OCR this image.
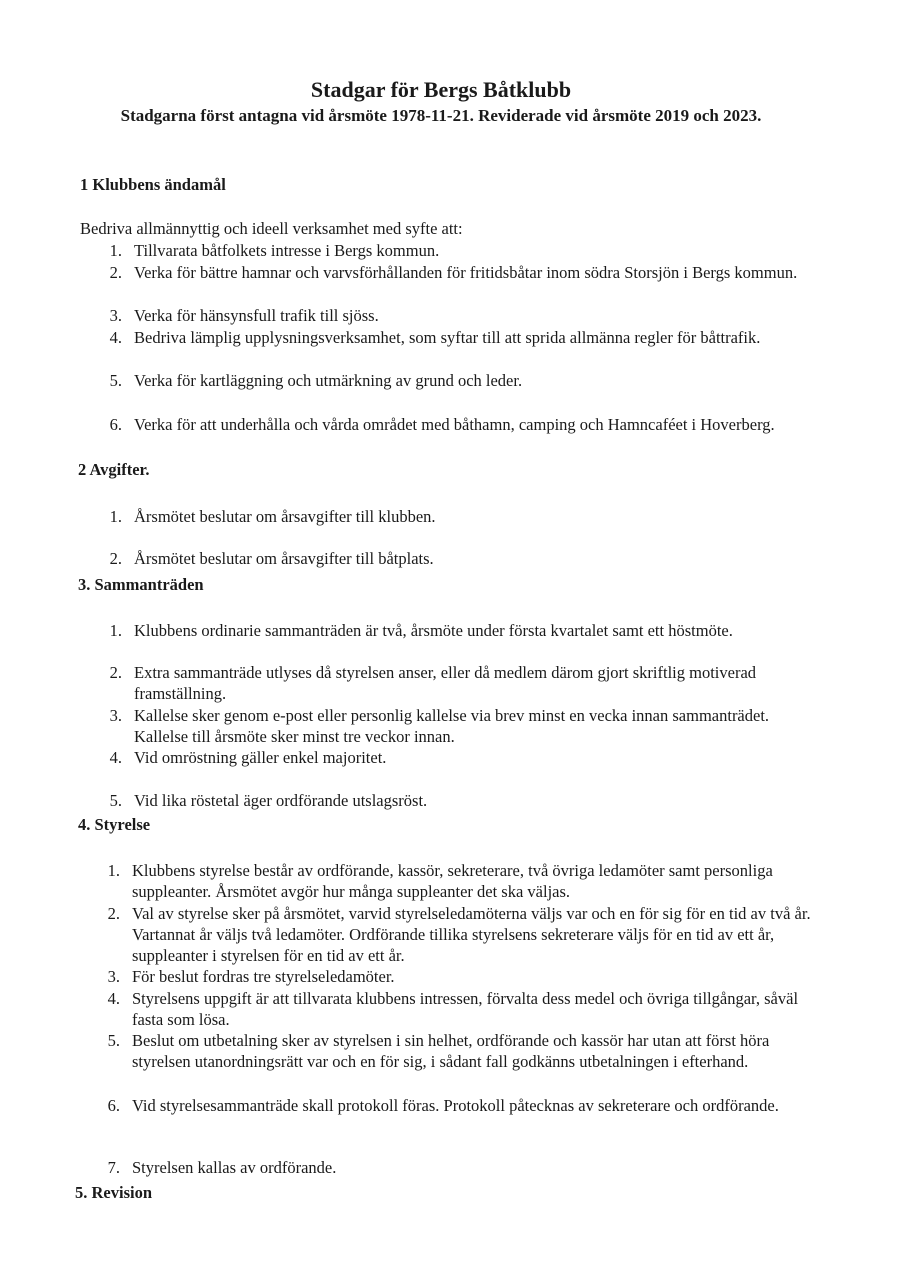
Stadgar för Bergs Båtklubb
Stadgarna först antagna vid årsmöte 1978-11-21. Reviderade vid årsmöte 2019 och 2023.
1 Klubbens ändamål
Bedriva allmännyttig och ideell verksamhet med syfte att:
1. Tillvarata båtfolkets intresse i Bergs kommun.
2. Verka för bättre hamnar och varvsförhållanden för fritidsbåtar inom södra Storsjön i Bergs kommun.
3. Verka för hänsynsfull trafik till sjöss.
4. Bedriva lämplig upplysningsverksamhet, som syftar till att sprida allmänna regler för båttrafik.
5. Verka för kartläggning och utmärkning av grund och leder.
6. Verka för att underhålla och vårda området med båthamn, camping och Hamncaféet i Hoverberg.
2 Avgifter.
1. Årsmötet beslutar om årsavgifter till klubben.
2. Årsmötet beslutar om årsavgifter till båtplats.
3. Sammanträden
1. Klubbens ordinarie sammanträden är två, årsmöte under första kvartalet samt ett höstmöte.
2. Extra sammanträde utlyses då styrelsen anser, eller då medlem därom gjort skriftlig motiverad framställning.
3. Kallelse sker genom e-post eller personlig kallelse via brev minst en vecka innan sammanträdet. Kallelse till årsmöte sker minst tre veckor innan.
4. Vid omröstning gäller enkel majoritet.
5. Vid lika röstetal äger ordförande utslagsröst.
4. Styrelse
1. Klubbens styrelse består av ordförande, kassör, sekreterare, två övriga ledamöter samt personliga suppleanter. Årsmötet avgör hur många suppleanter det ska väljas.
2. Val av styrelse sker på årsmötet, varvid styrelseledamöterna väljs var och en för sig för en tid av två år. Vartannat år väljs två ledamöter. Ordförande tillika styrelsens sekreterare väljs för en tid av ett år, suppleanter i styrelsen för en tid av ett år.
3. För beslut fordras tre styrelseledamöter.
4. Styrelsens uppgift är att tillvarata klubbens intressen, förvalta dess medel och övriga tillgångar, såväl fasta som lösa.
5. Beslut om utbetalning sker av styrelsen i sin helhet, ordförande och kassör har utan att först höra styrelsen utanordningsrätt var och en för sig, i sådant fall godkänns utbetalningen i efterhand.
6. Vid styrelsesammanträde skall protokoll föras. Protokoll påtecknas av sekreterare och ordförande.
7. Styrelsen kallas av ordförande.
5. Revision
